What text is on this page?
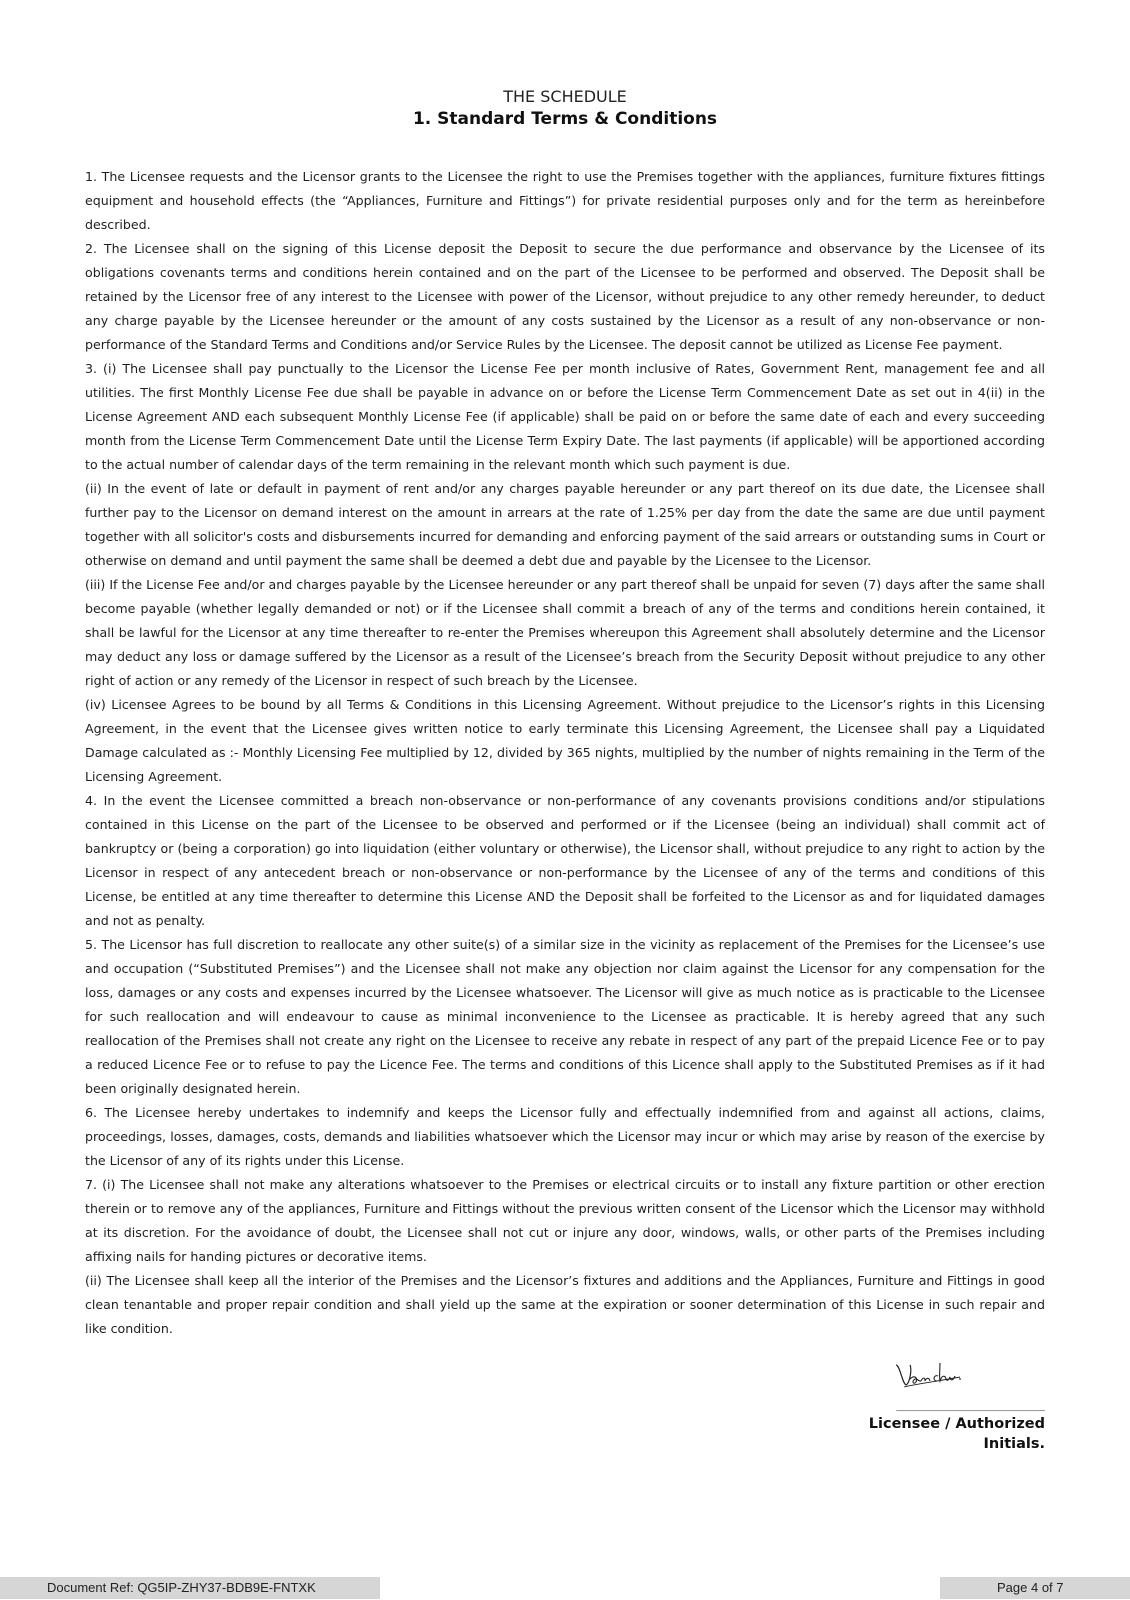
THE SCHEDULE
1. Standard Terms & Conditions

1. The Licensee requests and the Licensor grants to the Licensee the right to use the Premises together with the appliances, furniture fixtures fittings equipment and household effects (the “Appliances, Furniture and Fittings”) for private residential purposes only and for the term as hereinbefore described.

2. The Licensee shall on the signing of this License deposit the Deposit to secure the due performance and observance by the Licensee of its obligations covenants terms and conditions herein contained and on the part of the Licensee to be performed and observed. The Deposit shall be retained by the Licensor free of any interest to the Licensee with power of the Licensor, without prejudice to any other remedy hereunder, to deduct any charge payable by the Licensee hereunder or the amount of any costs sustained by the Licensor as a result of any non-observance or non-performance of the Standard Terms and Conditions and/or Service Rules by the Licensee. The deposit cannot be utilized as License Fee payment.

3. (i) The Licensee shall pay punctually to the Licensor the License Fee per month inclusive of Rates, Government Rent, management fee and all utilities. The first Monthly License Fee due shall be payable in advance on or before the License Term Commencement Date as set out in 4(ii) in the License Agreement AND each subsequent Monthly License Fee (if applicable) shall be paid on or before the same date of each and every succeeding month from the License Term Commencement Date until the License Term Expiry Date. The last payments (if applicable) will be apportioned according to the actual number of calendar days of the term remaining in the relevant month which such payment is due.

(ii) In the event of late or default in payment of rent and/or any charges payable hereunder or any part thereof on its due date, the Licensee shall further pay to the Licensor on demand interest on the amount in arrears at the rate of 1.25% per day from the date the same are due until payment together with all solicitor's costs and disbursements incurred for demanding and enforcing payment of the said arrears or outstanding sums in Court or otherwise on demand and until payment the same shall be deemed a debt due and payable by the Licensee to the Licensor.

(iii) If the License Fee and/or and charges payable by the Licensee hereunder or any part thereof shall be unpaid for seven (7) days after the same shall become payable (whether legally demanded or not) or if the Licensee shall commit a breach of any of the terms and conditions herein contained, it shall be lawful for the Licensor at any time thereafter to re-enter the Premises whereupon this Agreement shall absolutely determine and the Licensor may deduct any loss or damage suffered by the Licensor as a result of the Licensee’s breach from the Security Deposit without prejudice to any other right of action or any remedy of the Licensor in respect of such breach by the Licensee.

(iv) Licensee Agrees to be bound by all Terms & Conditions in this Licensing Agreement. Without prejudice to the Licensor’s rights in this Licensing Agreement, in the event that the Licensee gives written notice to early terminate this Licensing Agreement, the Licensee shall pay a Liquidated Damage calculated as :- Monthly Licensing Fee multiplied by 12, divided by 365 nights, multiplied by the number of nights remaining in the Term of the Licensing Agreement.

4. In the event the Licensee committed a breach non-observance or non-performance of any covenants provisions conditions and/or stipulations contained in this License on the part of the Licensee to be observed and performed or if the Licensee (being an individual) shall commit act of bankruptcy or (being a corporation) go into liquidation (either voluntary or otherwise), the Licensor shall, without prejudice to any right to action by the Licensor in respect of any antecedent breach or non-observance or non-performance by the Licensee of any of the terms and conditions of this License, be entitled at any time thereafter to determine this License AND the Deposit shall be forfeited to the Licensor as and for liquidated damages and not as penalty.

5. The Licensor has full discretion to reallocate any other suite(s) of a similar size in the vicinity as replacement of the Premises for the Licensee’s use and occupation (“Substituted Premises”) and the Licensee shall not make any objection nor claim against the Licensor for any compensation for the loss, damages or any costs and expenses incurred by the Licensee whatsoever. The Licensor will give as much notice as is practicable to the Licensee for such reallocation and will endeavour to cause as minimal inconvenience to the Licensee as practicable. It is hereby agreed that any such reallocation of the Premises shall not create any right on the Licensee to receive any rebate in respect of any part of the prepaid Licence Fee or to pay a reduced Licence Fee or to refuse to pay the Licence Fee. The terms and conditions of this Licence shall apply to the Substituted Premises as if it had been originally designated herein.

6. The Licensee hereby undertakes to indemnify and keeps the Licensor fully and effectually indemnified from and against all actions, claims, proceedings, losses, damages, costs, demands and liabilities whatsoever which the Licensor may incur or which may arise by reason of the exercise by the Licensor of any of its rights under this License.

7. (i) The Licensee shall not make any alterations whatsoever to the Premises or electrical circuits or to install any fixture partition or other erection therein or to remove any of the appliances, Furniture and Fittings without the previous written consent of the Licensor which the Licensor may withhold at its discretion. For the avoidance of doubt, the Licensee shall not cut or injure any door, windows, walls, or other parts of the Premises including affixing nails for handing pictures or decorative items.

(ii) The Licensee shall keep all the interior of the Premises and the Licensor’s fixtures and additions and the Appliances, Furniture and Fittings in good clean tenantable and proper repair condition and shall yield up the same at the expiration or sooner determination of this License in such repair and like condition.

___________________
Licensee / Authorized Initials.
Document Ref: QG5IP-ZHY37-BDB9E-FNTXK	Page 4 of 7
